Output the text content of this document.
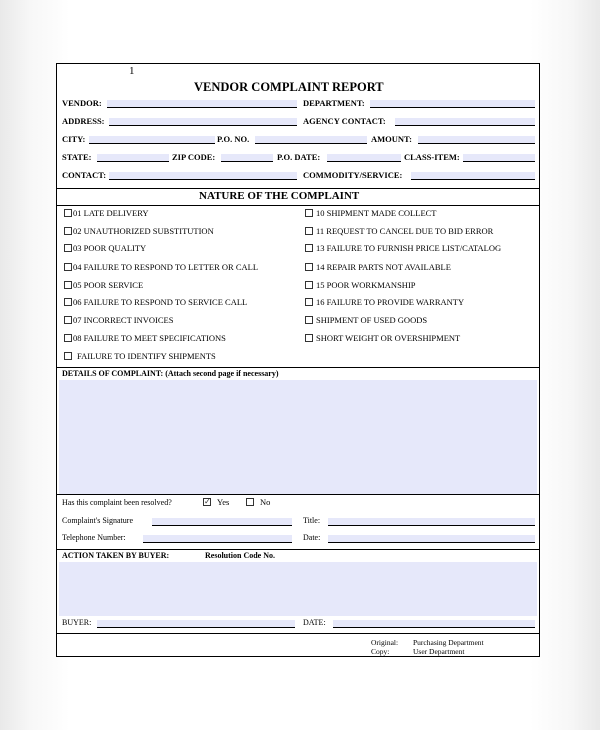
1
VENDOR COMPLAINT REPORT
VENDOR:	DEPARTMENT:
ADDRESS:	AGENCY CONTACT:
CITY:	P.O. NO.	AMOUNT:
STATE:	ZIP CODE:	P.O. DATE:	CLASS-ITEM:
CONTACT:	COMMODITY/SERVICE:
NATURE OF THE COMPLAINT
01 LATE DELIVERY
02 UNAUTHORIZED SUBSTITUTION
03 POOR QUALITY
04 FAILURE TO RESPOND TO LETTER OR CALL
05 POOR SERVICE
06 FAILURE TO RESPOND TO SERVICE CALL
07 INCORRECT INVOICES
08 FAILURE TO MEET SPECIFICATIONS
FAILURE TO IDENTIFY SHIPMENTS
10 SHIPMENT MADE COLLECT
11 REQUEST TO CANCEL DUE TO BID ERROR
13 FAILURE TO FURNISH PRICE LIST/CATALOG
14 REPAIR PARTS NOT AVAILABLE
15 POOR WORKMANSHIP
16 FAILURE TO PROVIDE WARRANTY
SHIPMENT OF USED GOODS
SHORT WEIGHT OR OVERSHIPMENT
DETAILS OF COMPLAINT: (Attach second page if necessary)
Has this complaint been resolved?	✓ Yes	No
Complaint's Signature	Title:
Telephone Number:	Date:
ACTION TAKEN BY BUYER:	Resolution Code No.
BUYER:	DATE:
Original: Purchasing Department
Copy:	User Department
